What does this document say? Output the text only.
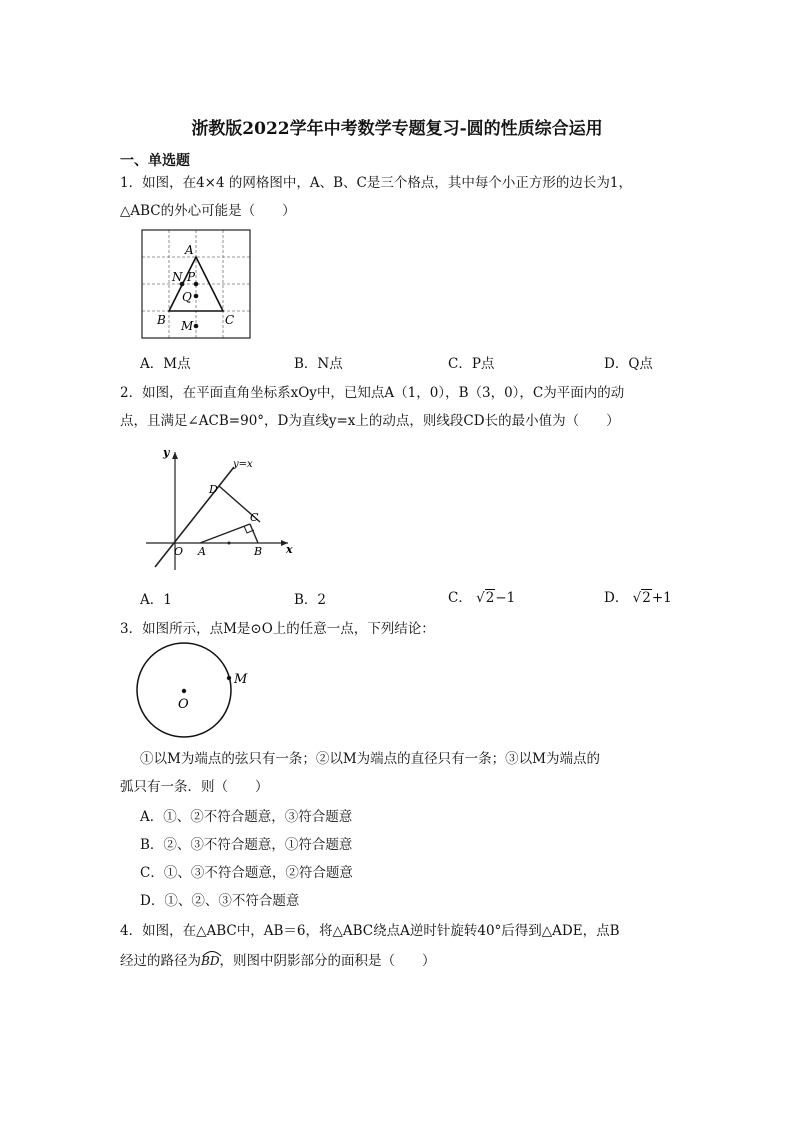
浙教版2022学年中考数学专题复习-圆的性质综合运用
一、单选题
1．如图，在4×4 的网格图中，A、B、C是三个格点，其中每个小正方形的边长为1，
△ABC的外心可能是（　　）
A
B	C
N P
Q
M
A．M点	B．N点	C．P点	D．Q点
2．如图，在平面直角坐标系xOy中，已知点A（1，0），B（3，0），C为平面内的动
点，且满足∠ACB=90°，D为直线y=x上的动点，则线段CD长的最小值为（　　）
y
x
y=x
D
C
O A	B
A．1	B．2	C． √2−1	D． √2+1
3．如图所示，点M是⊙O上的任意一点，下列结论：
O
M
①以M为端点的弦只有一条；②以M为端点的直径只有一条；③以M为端点的
弧只有一条．则（　　）
A．①、②不符合题意，③符合题意
B．②、③不符合题意，①符合题意
C．①、③不符合题意，②符合题意
D．①、②、③不符合题意
4．如图，在△ABC中，AB＝6，将△ABC绕点A逆时针旋转40°后得到△ADE，点B
经过的路径为
BD，则图中阴影部分的面积是（　　）
